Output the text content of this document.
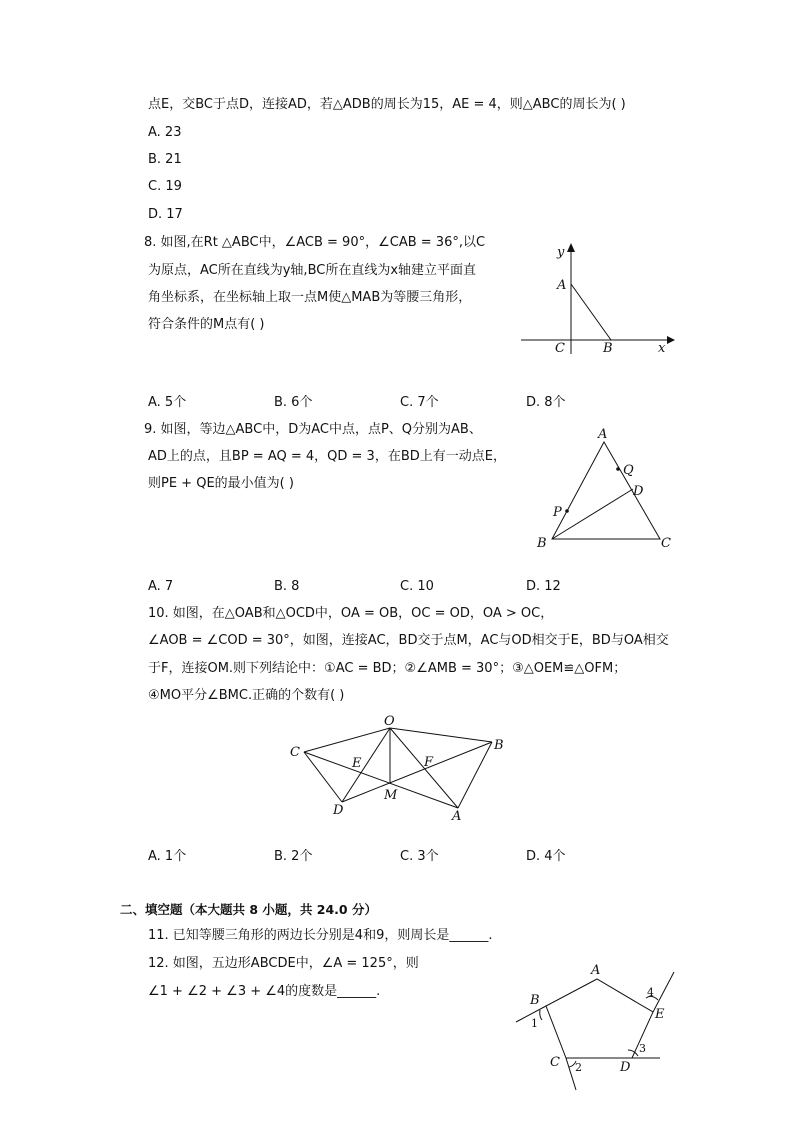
点E，交BC于点D，连接AD，若△ADB的周长为15，AE = 4，则△ABC的周长为( )
A. 23
B. 21
C. 19
D. 17
8. 如图,在Rt △ABC中，∠ACB = 90°，∠CAB = 36°,以C
为原点，AC所在直线为y轴,BC所在直线为x轴建立平面直
角坐标系，在坐标轴上取一点M使△MAB为等腰三角形，
符合条件的M点有( )
y
A
C	B	x
A. 5个	B. 6个	C. 7个	D. 8个
9. 如图，等边△ABC中，D为AC中点，点P、Q分别为AB、
AD上的点，且BP = AQ = 4，QD = 3，在BD上有一动点E，
则PE + QE的最小值为( )
A
Q
D
P
B	C
A. 7	B. 8	C. 10	D. 12
10. 如图，在△OAB和△OCD中，OA = OB，OC = OD，OA > OC，
∠AOB = ∠COD = 30°，如图，连接AC，BD交于点M，AC与OD相交于E，BD与OA相交
于F，连接OM.则下列结论中：①AC = BD；②∠AMB = 30°；③△OEM≌△OFM；
④MO平分∠BMC.正确的个数有( )
O
C	B
E	F
M
D	A
A. 1个	B. 2个	C. 3个	D. 4个
二、填空题（本大题共 8 小题，共 24.0 分）
11. 已知等腰三角形的两边长分别是4和9，则周长是______.
12. 如图，五边形ABCDE中，∠A = 125°，则
∠1 + ∠2 + ∠3 + ∠4的度数是______.
A
B
E
C	D
1
2
3
4
